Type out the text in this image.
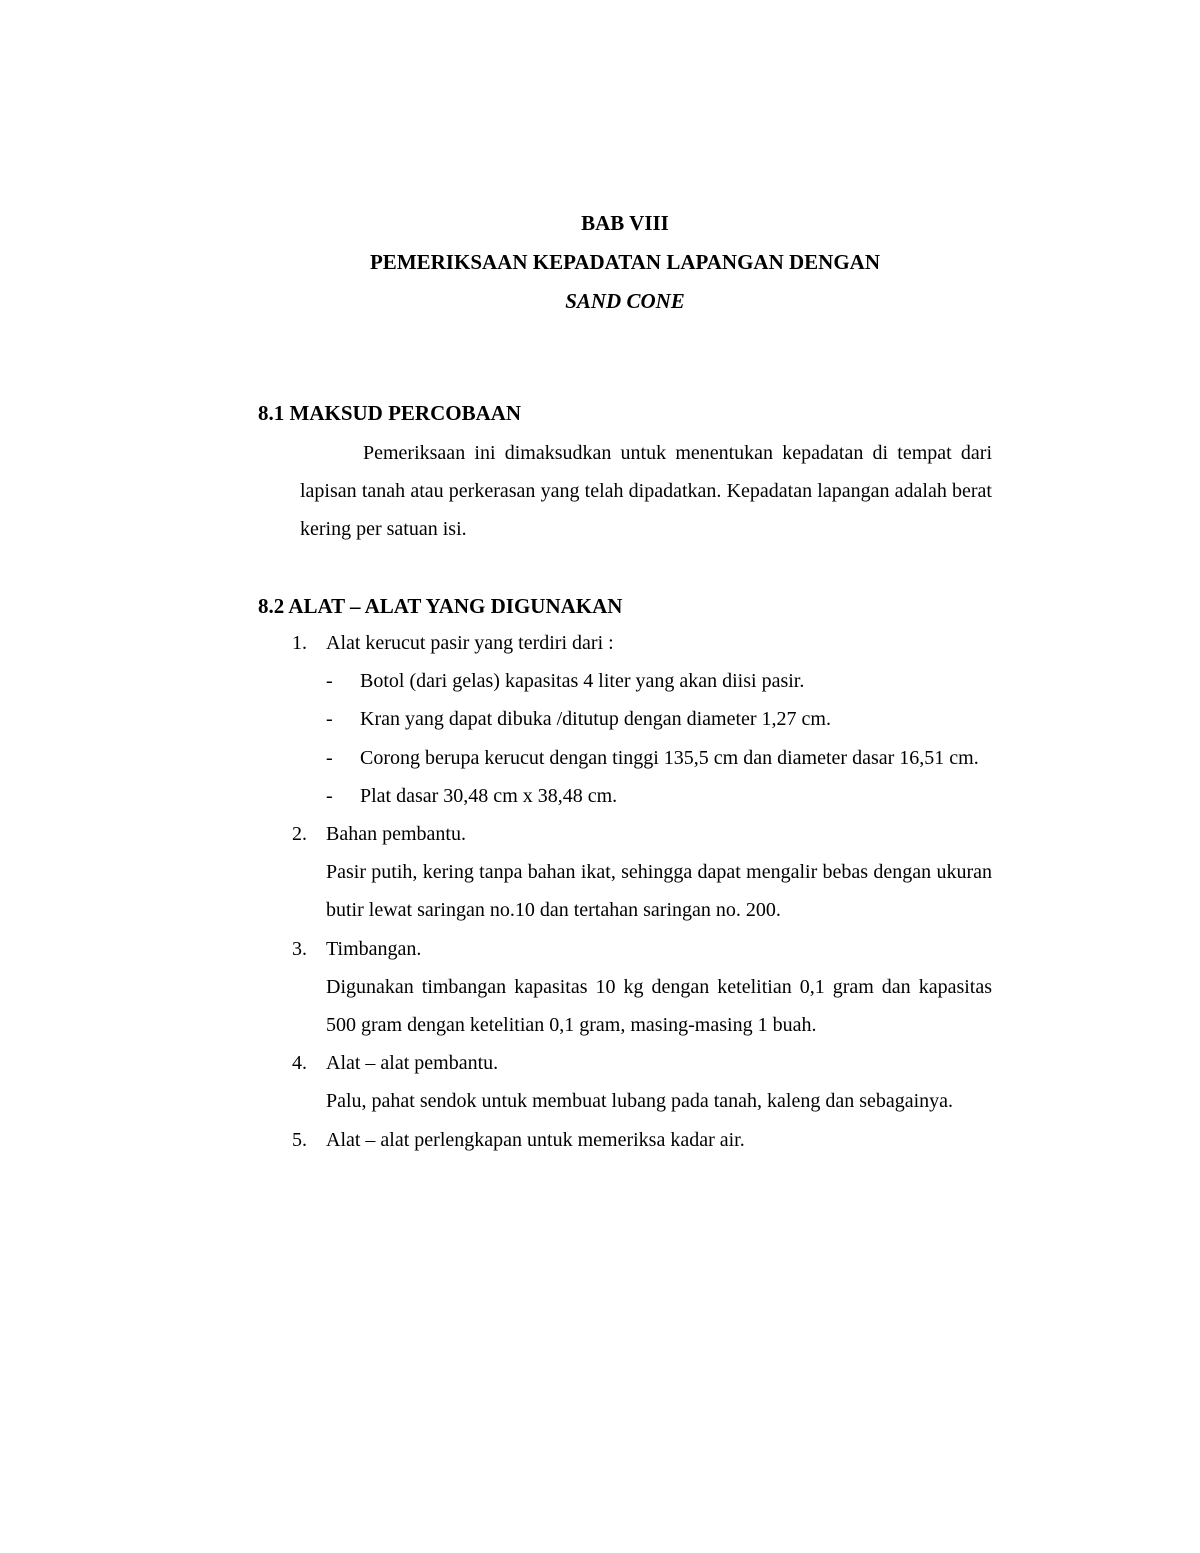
BAB VIII
PEMERIKSAAN KEPADATAN LAPANGAN DENGAN
SAND CONE
8.1 MAKSUD PERCOBAAN

Pemeriksaan ini dimaksudkan untuk menentukan kepadatan di tempat dari lapisan tanah atau perkerasan yang telah dipadatkan. Kepadatan lapangan adalah berat kering per satuan isi.

8.2 ALAT – ALAT YANG DIGUNAKAN
1. Alat kerucut pasir yang terdiri dari :
- Botol (dari gelas) kapasitas 4 liter yang akan diisi pasir.
- Kran yang dapat dibuka /ditutup dengan diameter 1,27 cm.
- Corong berupa kerucut dengan tinggi 135,5 cm dan diameter dasar 16,51 cm.
- Plat dasar 30,48 cm x 38,48 cm.
2. Bahan pembantu.
Pasir putih, kering tanpa bahan ikat, sehingga dapat mengalir bebas dengan ukuran butir lewat saringan no.10 dan tertahan saringan no. 200.
3. Timbangan.
Digunakan timbangan kapasitas 10 kg dengan ketelitian 0,1 gram dan kapasitas 500 gram dengan ketelitian 0,1 gram, masing-masing 1 buah.
4. Alat – alat pembantu.
Palu, pahat sendok untuk membuat lubang pada tanah, kaleng dan sebagainya.
5. Alat – alat perlengkapan untuk memeriksa kadar air.
